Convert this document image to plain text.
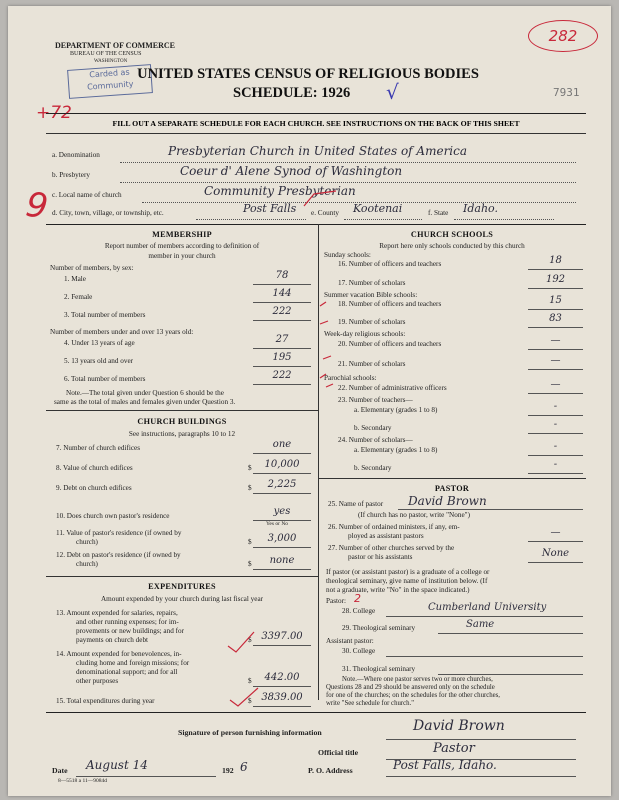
DEPARTMENT OF COMMERCE
BUREAU OF THE CENSUS
WASHINGTON
Carded as
Community
UNITED STATES CENSUS OF RELIGIOUS BODIES
SCHEDULE: 1926 √
282
7931
+72
FILL OUT A SEPARATE SCHEDULE FOR EACH CHURCH. SEE INSTRUCTIONS ON THE BACK OF THIS SHEET
a. Denomination	Presbyterian Church in United States of America
b. Presbytery	Coeur d' Alene Synod of Washington
c. Local name of church	Community Presbyterian
d. City, town, village, or township, etc.	Post Falls e. County Kootenai	f. State Idaho.
9
MEMBERSHIP
Report number of members according to definition of
member in your church
Number of members, by sex:
1. Male	78
2. Female	144
3. Total number of members	222
Number of members under and over 13 years old:
4. Under 13 years of age	27
5. 13 years old and over	195
6. Total number of members	222
Note.—The total given under Question 6 should be the
same as the total of males and females given under Question 3.
CHURCH BUILDINGS
See instructions, paragraphs 10 to 12
7. Number of church edifices	one
8. Value of church edifices	$	10,000
9. Debt on church edifices	$	2,225
10. Does church own pastor's residence	yes
Yes or No
11. Value of pastor's residence (if owned by
church)	$	3,000
12. Debt on pastor's residence (if owned by
church)	$	none
EXPENDITURES
Amount expended by your church during last fiscal year
13. Amount expended for salaries, repairs,
and other running expenses; for im-
provements or new buildings; and for
payments on church debt	$ 3397.00
14. Amount expended for benevolences, in-
cluding home and foreign missions; for
denominational support; and for all
other purposes	$	442.00
15. Total expenditures during year	$ 3839.00
CHURCH SCHOOLS
Report here only schools conducted by this church
Sunday schools:
16. Number of officers and teachers	18
17. Number of scholars	192
Summer vacation Bible schools:
18. Number of officers and teachers	15
19. Number of scholars	83
Week-day religious schools:
20. Number of officers and teachers	—
21. Number of scholars	—
Parochial schools:
22. Number of administrative officers	—
23. Number of teachers—
a. Elementary (grades 1 to 8)	-
b. Secondary	-
24. Number of scholars—
a. Elementary (grades 1 to 8)	-
b. Secondary	-
PASTOR
25. Name of pastor David Brown
(If church has no pastor, write "None")
26. Number of ordained ministers, if any, em-
ployed as assistant pastors	—
27. Number of other churches served by the
pastor or his assistants	None
If pastor (or assistant pastor) is a graduate of a college or
theological seminary, give name of institution below. (If
not a graduate, write "No" in the space indicated.)
Pastor: 2
28. College	Cumberland University
29. Theological seminary	Same
Assistant pastor:
30. College
31. Theological seminary
Note.—Where one pastor serves two or more churches,
Questions 28 and 29 should be answered only on the schedule
for one of the churches; on the schedules for the other churches,
write "See schedule for church."
Signature of person furnishing information	David Brown
Official title	Pastor
Date August 14	192 6	P. O. Address	Post Falls, Idaho.
8—5518 a 11—9084d
